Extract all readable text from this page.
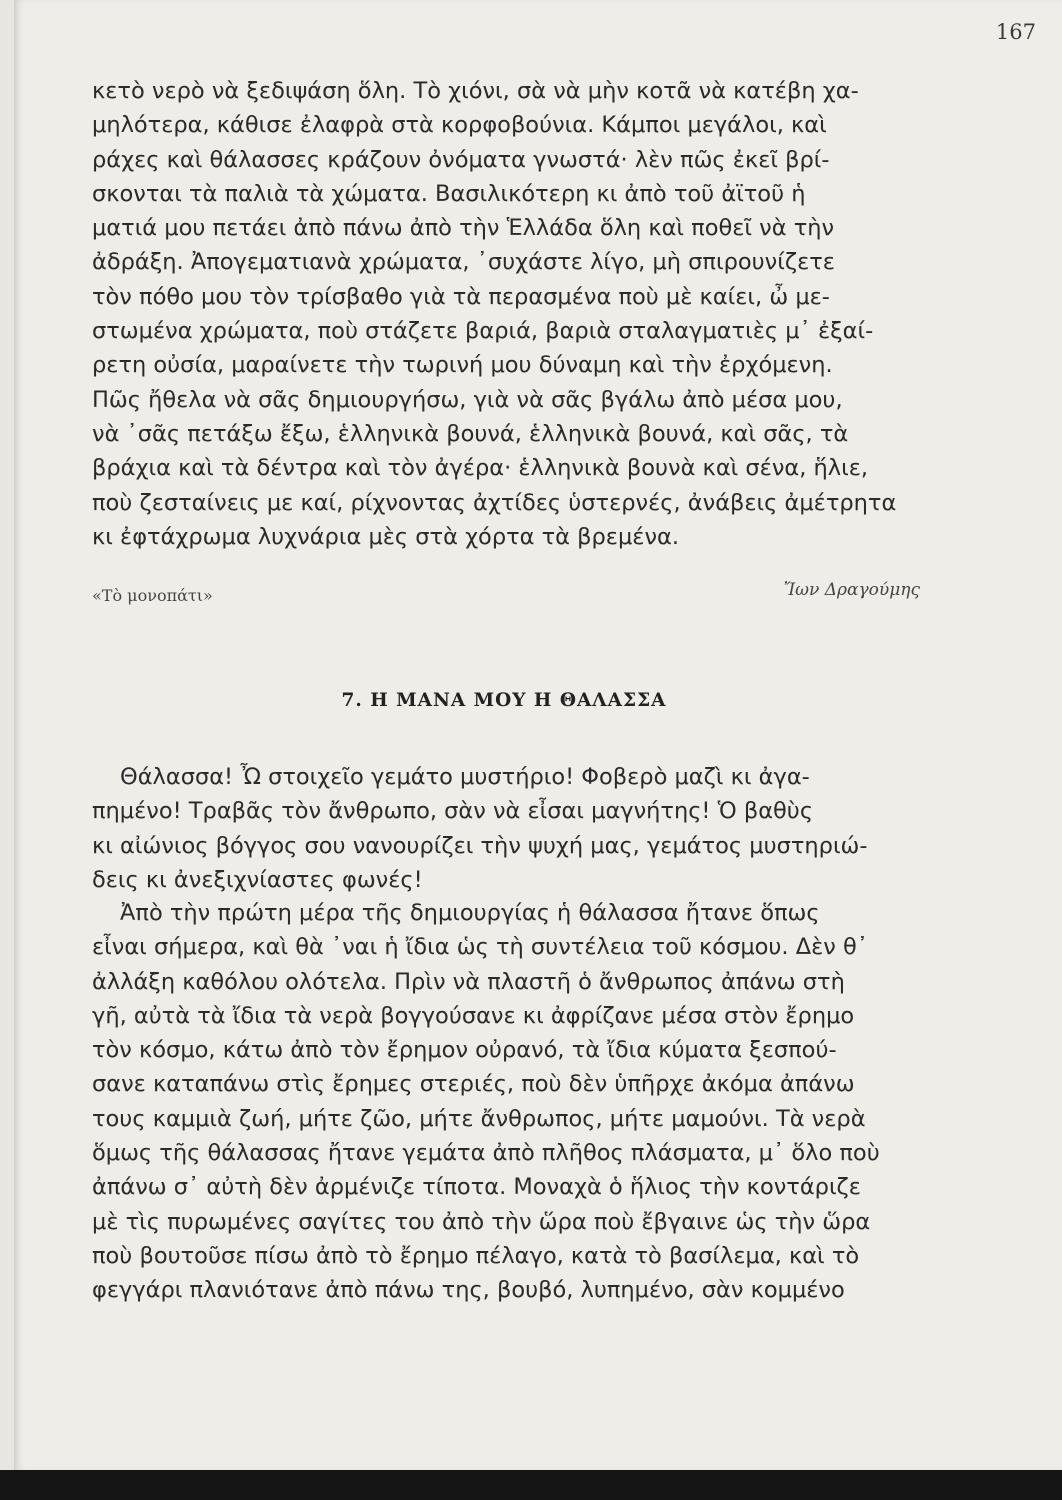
167
κετὸ νερὸ νὰ ξεδιψάση ὅλη. Τὸ χιόνι, σὰ νὰ μὴν κοτᾶ νὰ κατέβη χα-
μηλότερα, κάθισε ἐλαφρὰ στὰ κορφοβούνια. Κάμποι μεγάλοι, καὶ
ράχες καὶ θάλασσες κράζουν ὀνόματα γνωστά· λὲν πῶς ἐκεῖ βρί-
σκονται τὰ παλιὰ τὰ χώματα. Βασιλικότερη κι ἀπὸ τοῦ ἀϊτοῦ ἡ
ματιά μου πετάει ἀπὸ πάνω ἀπὸ τὴν Ἑλλάδα ὅλη καὶ ποθεῖ νὰ τὴν
ἀδράξη. Ἀπογεματιανὰ χρώματα, ᾽συχάστε λίγο, μὴ σπιρουνίζετε
τὸν πόθο μου τὸν τρίσβαθο γιὰ τὰ περασμένα ποὺ μὲ καίει, ὦ με-
στωμένα χρώματα, ποὺ στάζετε βαριά, βαριὰ σταλαγματιὲς μ᾽ ἐξαί-
ρετη οὐσία, μαραίνετε τὴν τωρινή μου δύναμη καὶ τὴν ἐρχόμενη.
Πῶς ἤθελα νὰ σᾶς δημιουργήσω, γιὰ νὰ σᾶς βγάλω ἀπὸ μέσα μου,
νὰ ᾽σᾶς πετάξω ἔξω, ἑλληνικὰ βουνά, ἑλληνικὰ βουνά, καὶ σᾶς, τὰ
βράχια καὶ τὰ δέντρα καὶ τὸν ἀγέρα· ἑλληνικὰ βουνὰ καὶ σένα, ἥλιε,
ποὺ ζεσταίνεις με καί, ρίχνοντας ἀχτίδες ὑστερνές, ἀνάβεις ἀμέτρητα
κι ἐφτάχρωμα λυχνάρια μὲς στὰ χόρτα τὰ βρεμένα.
«Τὸ μονοπάτι»	Ἴων Δραγούμης
7. Η ΜΑΝΑ ΜΟΥ Η ΘΑΛΑΣΣΑ
Θάλασσα! Ὦ στοιχεῖο γεμάτο μυστήριο! Φοβερὸ μαζὶ κι ἀγα-
πημένο! Τραβᾶς τὸν ἄνθρωπο, σὰν νὰ εἶσαι μαγνήτης! Ὁ βαθὺς
κι αἰώνιος βόγγος σου νανουρίζει τὴν ψυχή μας, γεμάτος μυστηριώ-
δεις κι ἀνεξιχνίαστες φωνές!
Ἀπὸ τὴν πρώτη μέρα τῆς δημιουργίας ἡ θάλασσα ἤτανε ὅπως
εἶναι σήμερα, καὶ θὰ ᾽ναι ἡ ἴδια ὡς τὴ συντέλεια τοῦ κόσμου. Δὲν θ᾽
ἀλλάξη καθόλου ολότελα. Πρὶν νὰ πλαστῆ ὁ ἄνθρωπος ἀπάνω στὴ
γῆ, αὐτὰ τὰ ἴδια τὰ νερὰ βογγούσανε κι ἀφρίζανε μέσα στὸν ἔρημο
τὸν κόσμο, κάτω ἀπὸ τὸν ἔρημον οὐρανό, τὰ ἴδια κύματα ξεσπού-
σανε καταπάνω στὶς ἔρημες στεριές, ποὺ δὲν ὑπῆρχε ἀκόμα ἀπάνω
τους καμμιὰ ζωή, μήτε ζῶο, μήτε ἄνθρωπος, μήτε μαμούνι. Τὰ νερὰ
ὅμως τῆς θάλασσας ἤτανε γεμάτα ἀπὸ πλῆθος πλάσματα, μ᾽ ὅλο ποὺ
ἀπάνω σ᾽ αὐτὴ δὲν ἀρμένιζε τίποτα. Μοναχὰ ὁ ἥλιος τὴν κοντάριζε
μὲ τὶς πυρωμένες σαγίτες του ἀπὸ τὴν ὥρα ποὺ ἔβγαινε ὡς τὴν ὥρα
ποὺ βουτοῦσε πίσω ἀπὸ τὸ ἔρημο πέλαγο, κατὰ τὸ βασίλεμα, καὶ τὸ
φεγγάρι πλανιότανε ἀπὸ πάνω της, βουβό, λυπημένο, σὰν κομμένο
